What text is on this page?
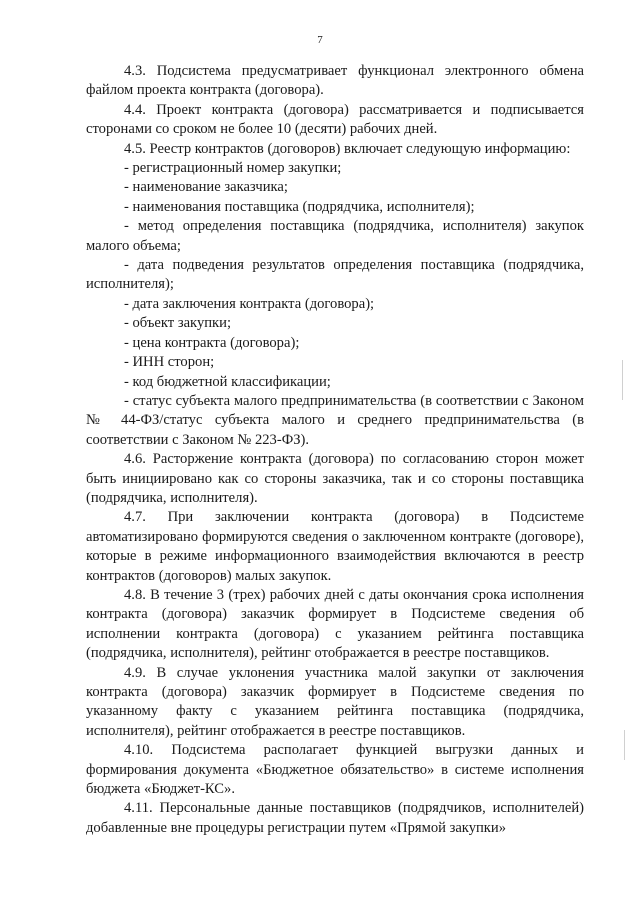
7

4.3. Подсистема предусматривает функционал электронного обмена файлом проекта контракта (договора).

4.4. Проект контракта (договора) рассматривается и подписывается сторонами со сроком не более 10 (десяти) рабочих дней.

4.5. Реестр контрактов (договоров) включает следующую информацию:

- регистрационный номер закупки;

- наименование заказчика;

- наименования поставщика (подрядчика, исполнителя);

- метод определения поставщика (подрядчика, исполнителя) закупок малого объема;

- дата подведения результатов определения поставщика (подрядчика, исполнителя);

- дата заключения контракта (договора);

- объект закупки;

- цена контракта (договора);

- ИНН сторон;

- код бюджетной классификации;

- статус субъекта малого предпринимательства (в соответствии с Законом № 44-ФЗ/статус субъекта малого и среднего предпринимательства (в соответствии с Законом № 223-ФЗ).

4.6. Расторжение контракта (договора) по согласованию сторон может быть инициировано как со стороны заказчика, так и со стороны поставщика (подрядчика, исполнителя).

4.7. При заключении контракта (договора) в Подсистеме автоматизировано формируются сведения о заключенном контракте (договоре), которые в режиме информационного взаимодействия включаются в реестр контрактов (договоров) малых закупок.

4.8. В течение 3 (трех) рабочих дней с даты окончания срока исполнения контракта (договора) заказчик формирует в Подсистеме сведения об исполнении контракта (договора) с указанием рейтинга поставщика (подрядчика, исполнителя), рейтинг отображается в реестре поставщиков.

4.9. В случае уклонения участника малой закупки от заключения контракта (договора) заказчик формирует в Подсистеме сведения по указанному факту с указанием рейтинга поставщика (подрядчика, исполнителя), рейтинг отображается в реестре поставщиков.

4.10. Подсистема располагает функцией выгрузки данных и формирования документа «Бюджетное обязательство» в системе исполнения бюджета «Бюджет-КС».

4.11. Персональные данные поставщиков (подрядчиков, исполнителей) добавленные вне процедуры регистрации путем «Прямой закупки»
